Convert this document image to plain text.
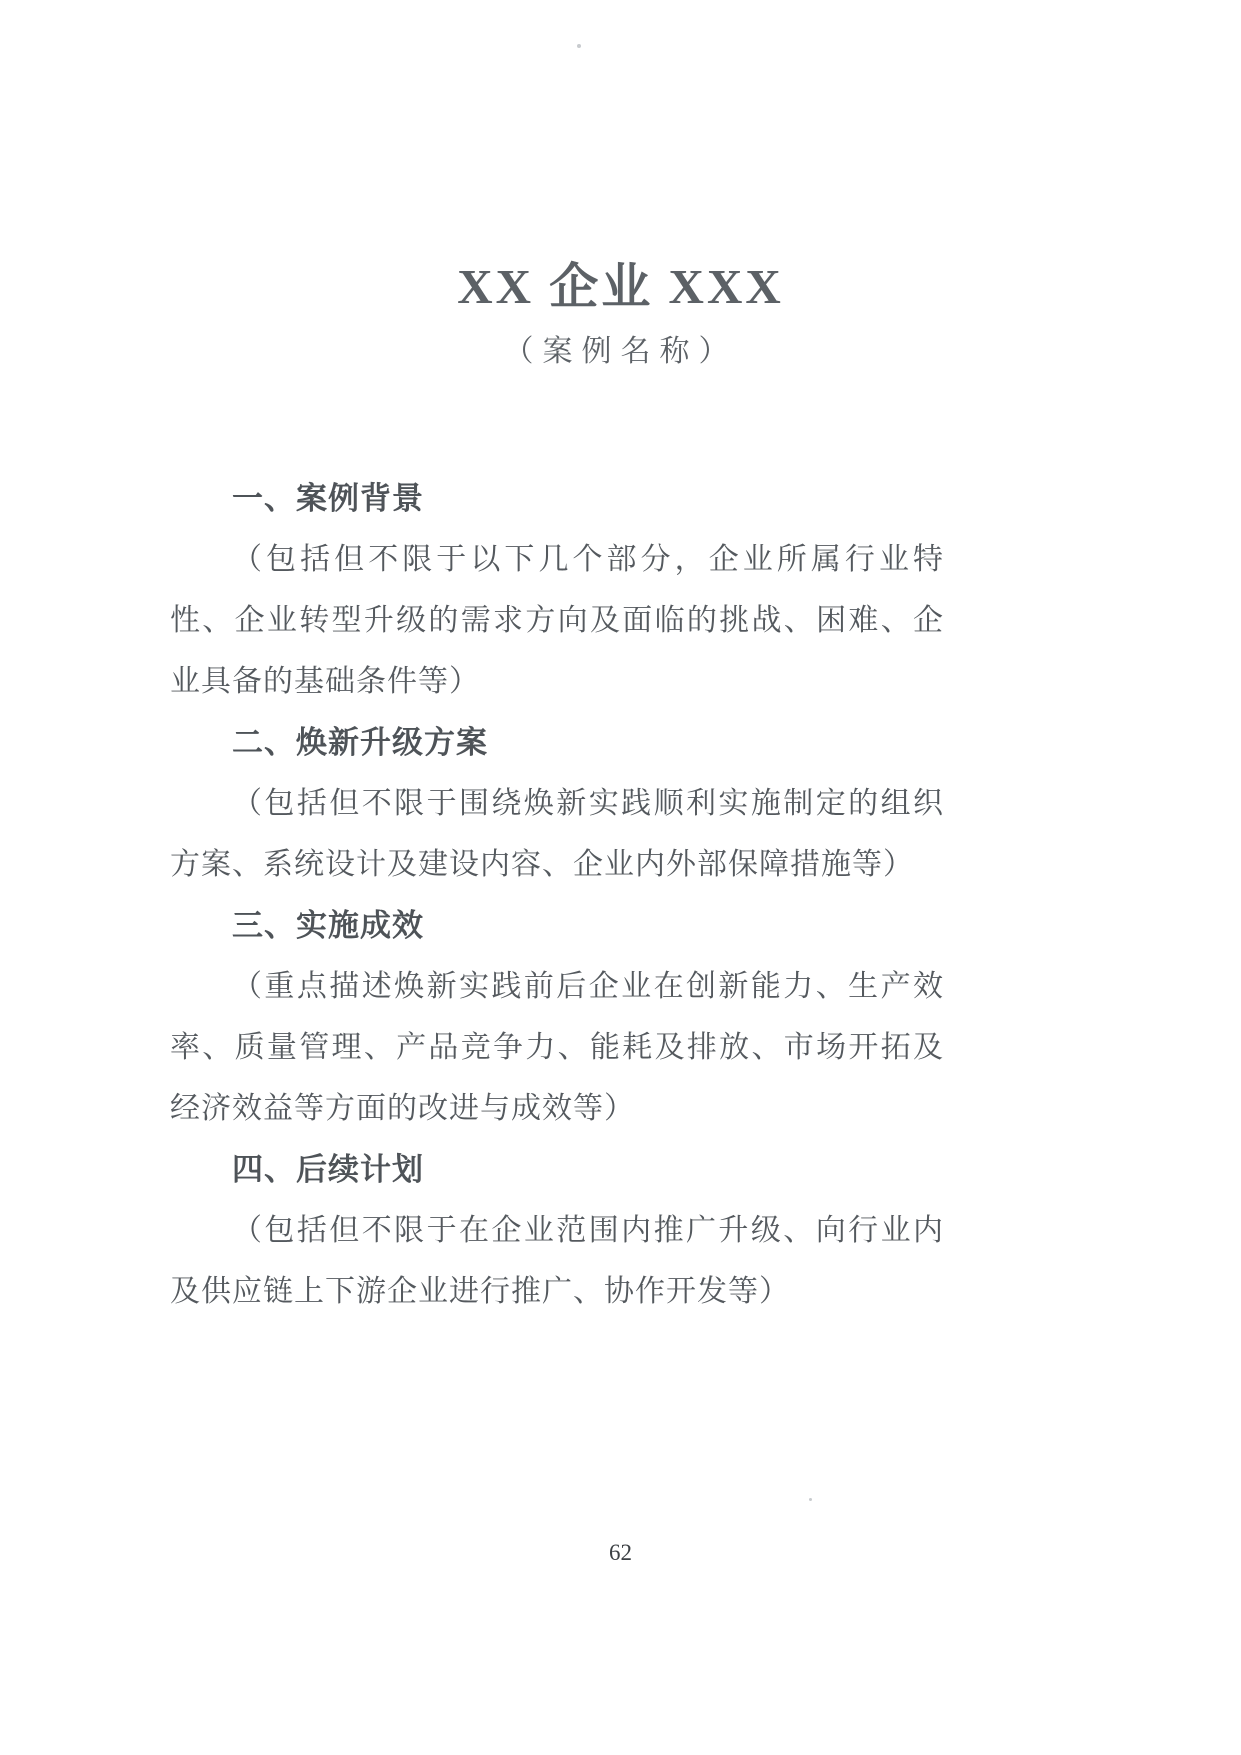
XX 企业 XXX
（案例名称）
一、案例背景

（包括但不限于以下几个部分，企业所属行业特性、企业转型升级的需求方向及面临的挑战、困难、企业具备的基础条件等）

二、焕新升级方案

（包括但不限于围绕焕新实践顺利实施制定的组织方案、系统设计及建设内容、企业内外部保障措施等）

三、实施成效

（重点描述焕新实践前后企业在创新能力、生产效率、质量管理、产品竞争力、能耗及排放、市场开拓及经济效益等方面的改进与成效等）

四、后续计划

（包括但不限于在企业范围内推广升级、向行业内及供应链上下游企业进行推广、协作开发等）

62
